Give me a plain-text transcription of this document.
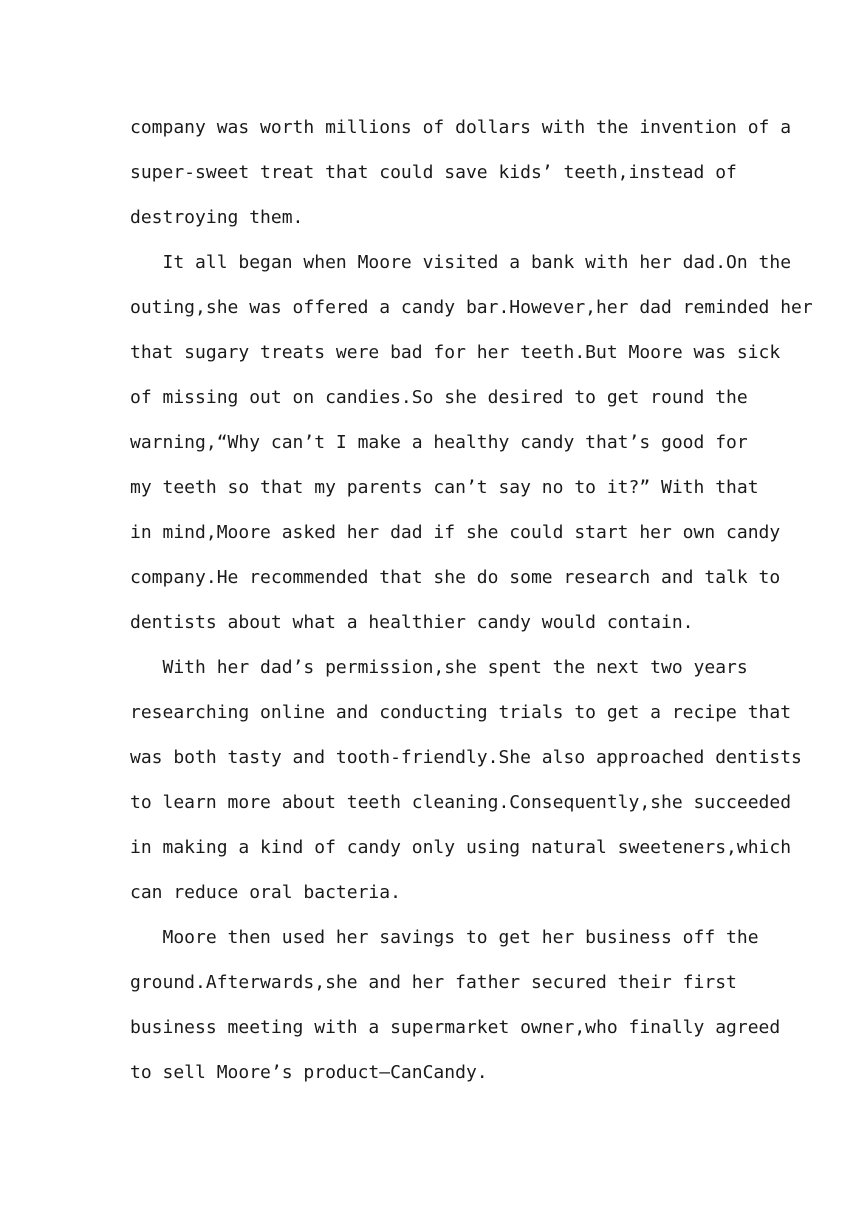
company was worth millions of dollars with the invention of a
super-sweet treat that could save kids’ teeth,instead of
destroying them.
It all began when Moore visited a bank with her dad.On the
outing,she was offered a candy bar.However,her dad reminded her
that sugary treats were bad for her teeth.But Moore was sick
of missing out on candies.So she desired to get round the
warning,“Why can’t I make a healthy candy that’s good for
my teeth so that my parents can’t say no to it?” With that
in mind,Moore asked her dad if she could start her own candy
company.He recommended that she do some research and talk to
dentists about what a healthier candy would contain.
With her dad’s permission,she spent the next two years
researching online and conducting trials to get a recipe that
was both tasty and tooth-friendly.She also approached dentists
to learn more about teeth cleaning.Consequently,she succeeded
in making a kind of candy only using natural sweeteners,which
can reduce oral bacteria.
Moore then used her savings to get her business off the
ground.Afterwards,she and her father secured their first
business meeting with a supermarket owner,who finally agreed
to sell Moore’s product—CanCandy.
